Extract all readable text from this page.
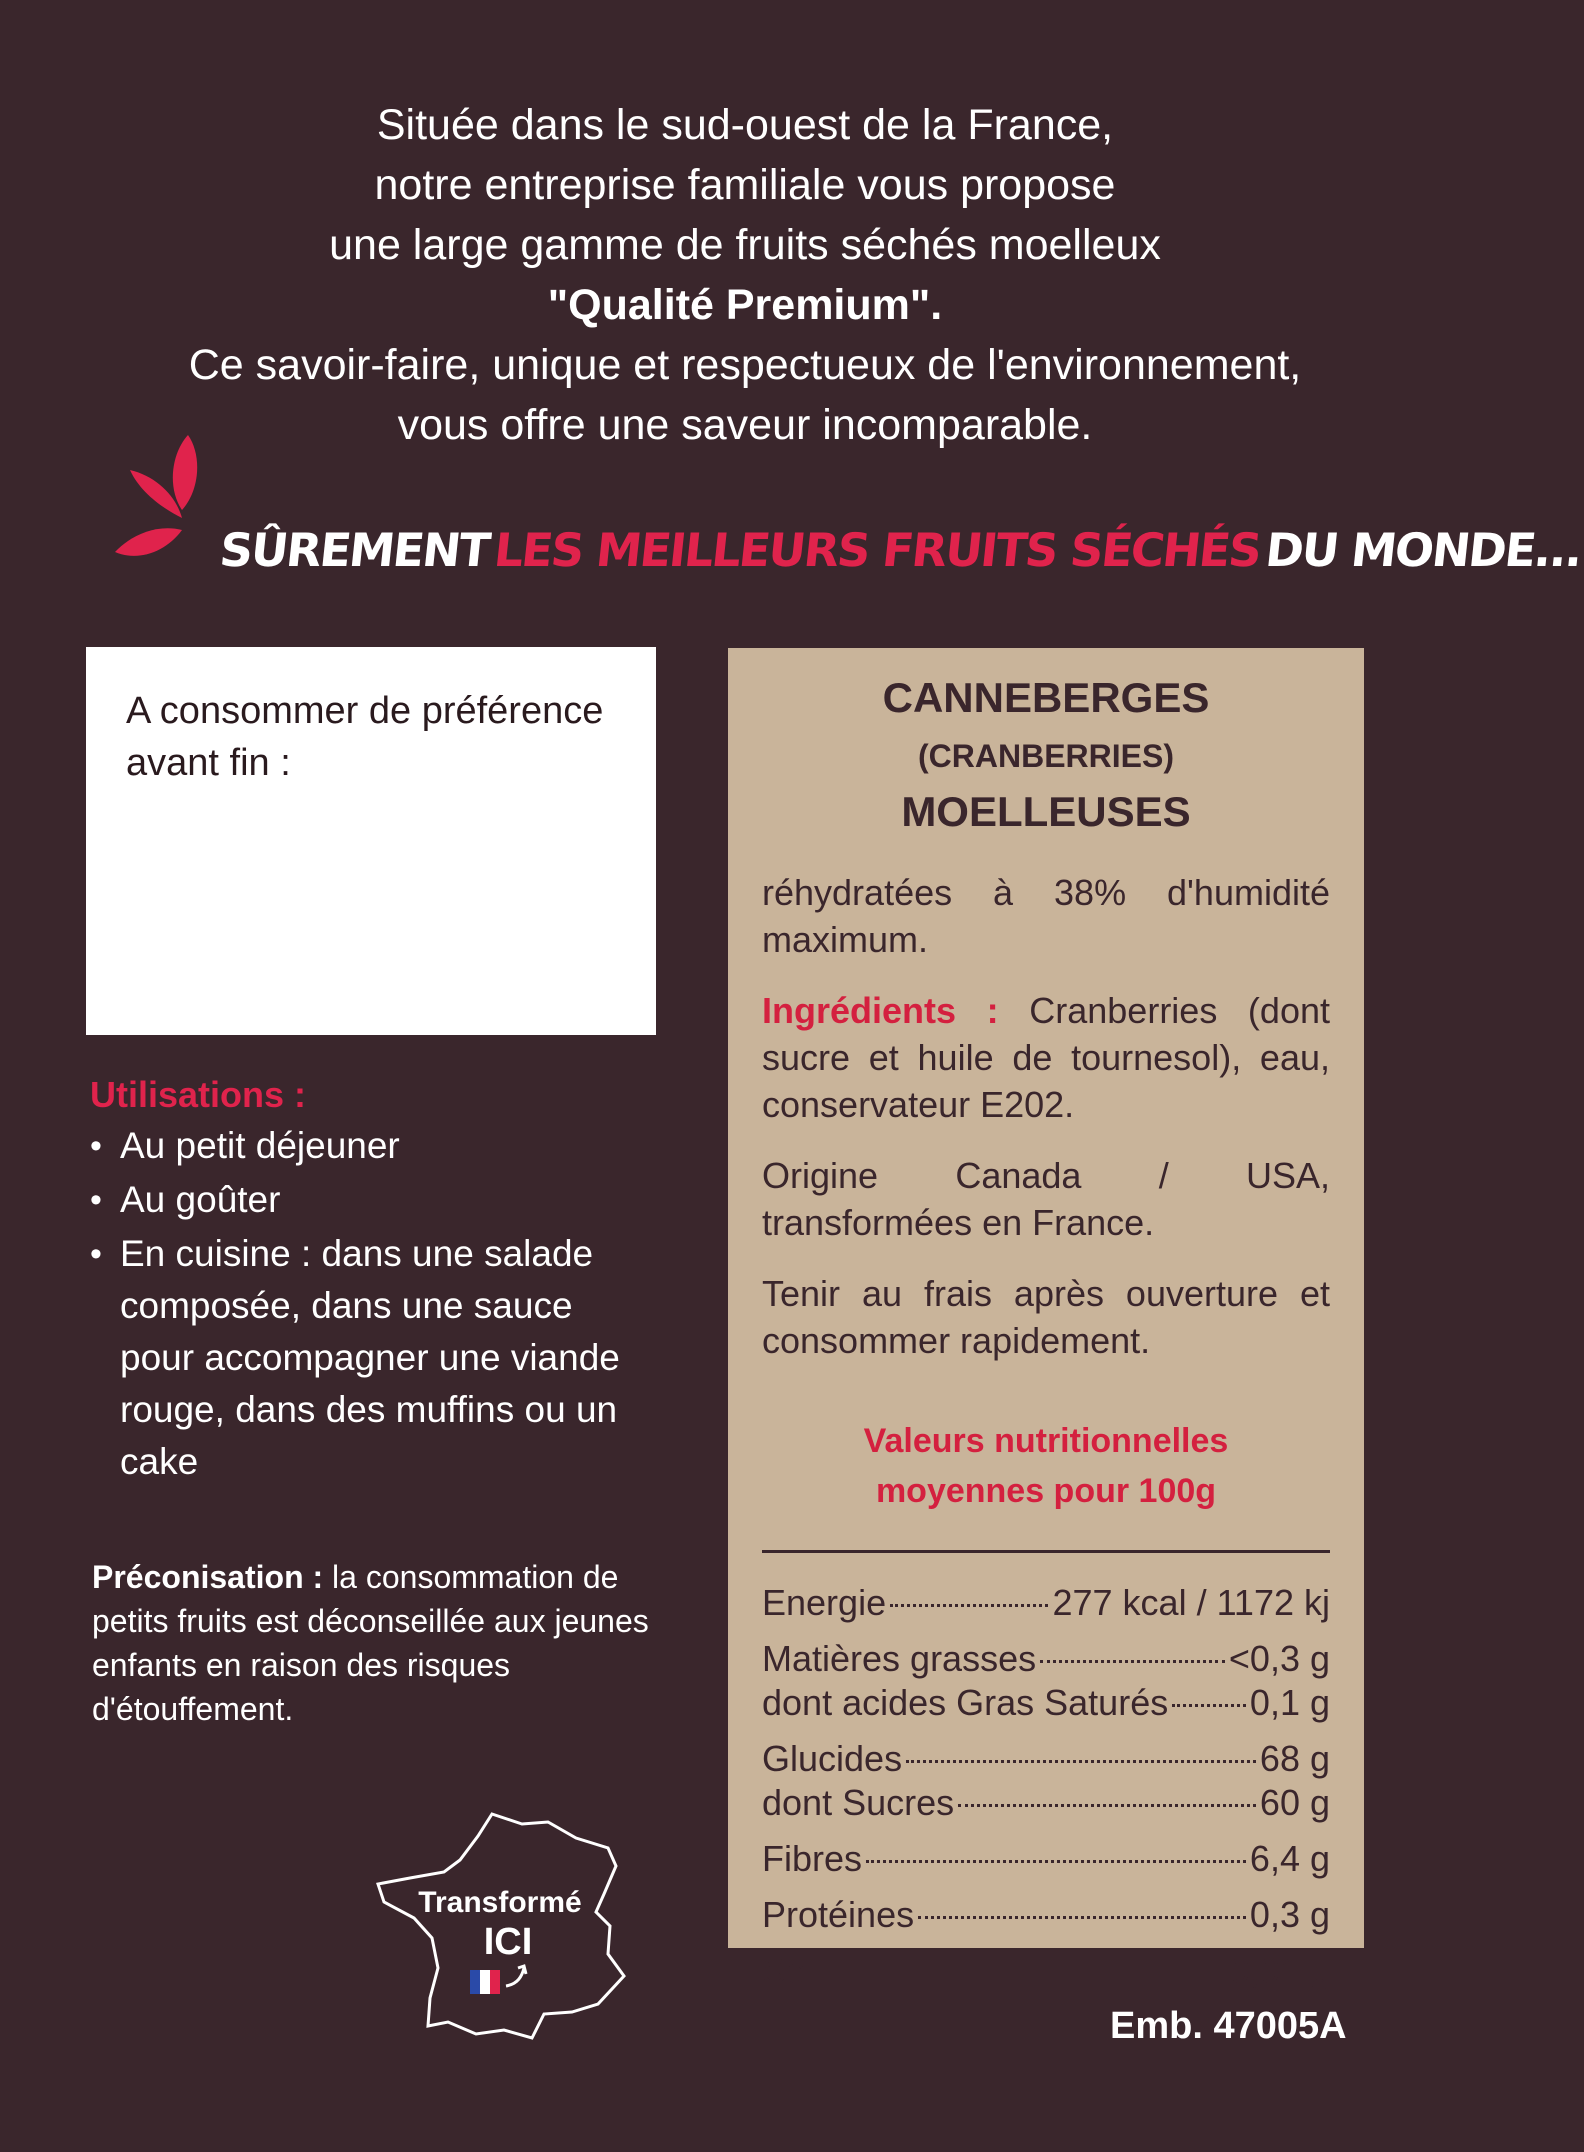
Située dans le sud-ouest de la France,
notre entreprise familiale vous propose
une large gamme de fruits séchés moelleux
"Qualité Premium".
Ce savoir-faire, unique et respectueux de l'environnement,
vous offre une saveur incomparable.
SÛREMENTLES MEILLEURS FRUITS SÉCHÉSDU MONDE...
A consommer de préférence avant fin :
Utilisations :
• Au petit déjeuner
• Au goûter
• En cuisine : dans une salade composée, dans une sauce pour accompagner une viande rouge, dans des muffins ou un cake
Préconisation : la consommation de petits fruits est déconseillée aux jeunes enfants en raison des risques d'étouffement.
Transformé
ICI
CANNEBERGES (CRANBERRIES)
MOELLEUSES
réhydratées à 38% d'humidité maximum.
Ingrédients : Cranberries (dont sucre et huile de tournesol), eau, conservateur E202.
Origine Canada / USA, transformées en France.
Tenir au frais après ouverture et consommer rapidement.
Valeurs nutritionnelles
moyennes pour 100g
Energie	277 kcal / 1172 kj
Matières grasses	<0,3 g
dont acides Gras Saturés 0,1 g
Glucides	68 g
dont Sucres	60 g
Fibres	6,4 g
Protéines	0,3 g
Sel	0,01 g
Emb. 47005A
